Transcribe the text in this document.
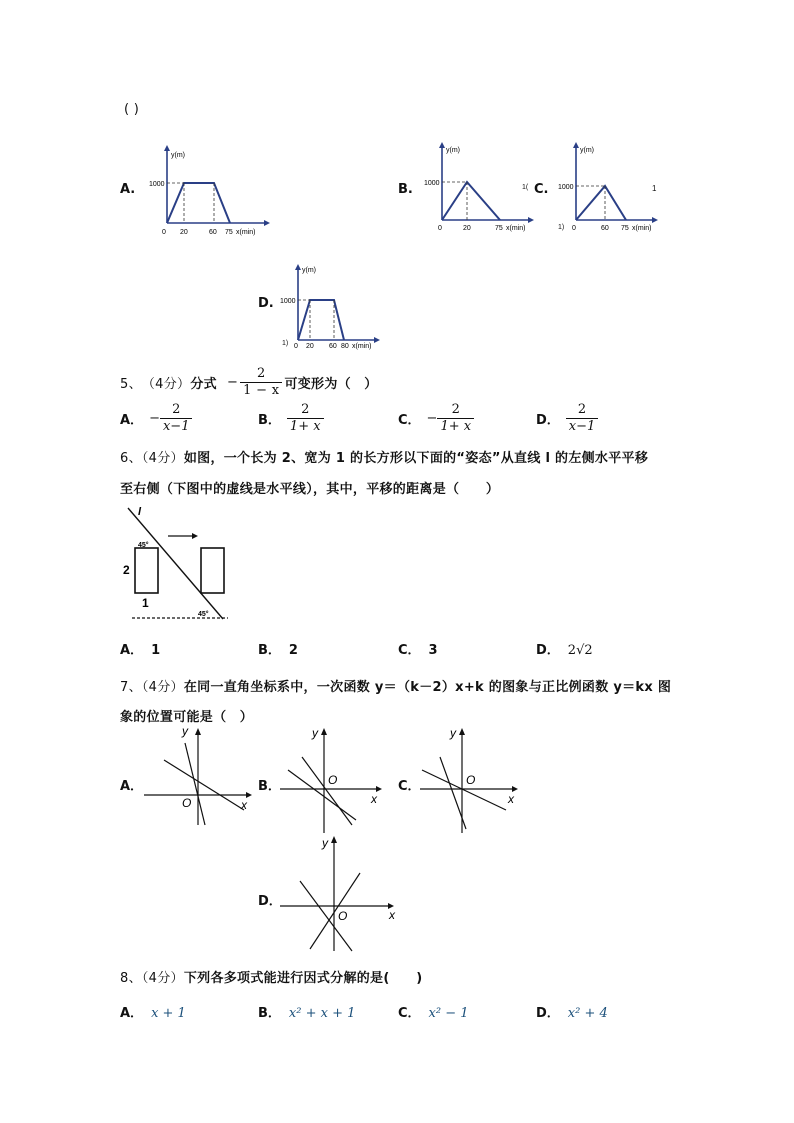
( )
A.
y(m)
1000
0 20	60 75 x(min)
B.
y(m)
1000
0	20	75 x(min)
1( C.
y(m)
1000
0	60 75 x(min)
1)
1
D.
y(m)
1000
0 20 60 80 x(min)
1)
5、 （4分） 分式 − $\frac{2}{1 - x}$ 可变形为（　）
A． − $\frac{2}{x-1}$	B． $\frac{2}{1+ x}$	C． − $\frac{2}{1+ x}$	D． $\frac{2}{x-1}$
6、（4分）如图，一个长为 2、宽为 1 的长方形以下面的“姿态”从直线 l 的左侧水平平移
至右侧（下图中的虚线是水平线），其中，平移的距离是（　　）
l
45°
45°
2
1
A． 1	B． 2	C． 3	D． 2√2
7、（4分）在同一直角坐标系中，一次函数 y＝（k－2）x+k 的图象与正比例函数 y＝kx 图
象的位置可能是（　）
A．
y
x
O
B．
y
x
O	C．
y
x
O
D．
y
x
O
8、（4分）下列各多项式能进行因式分解的是(　　)
A． x + 1	B． x² + x + 1	C． x² − 1	D． x² + 4
